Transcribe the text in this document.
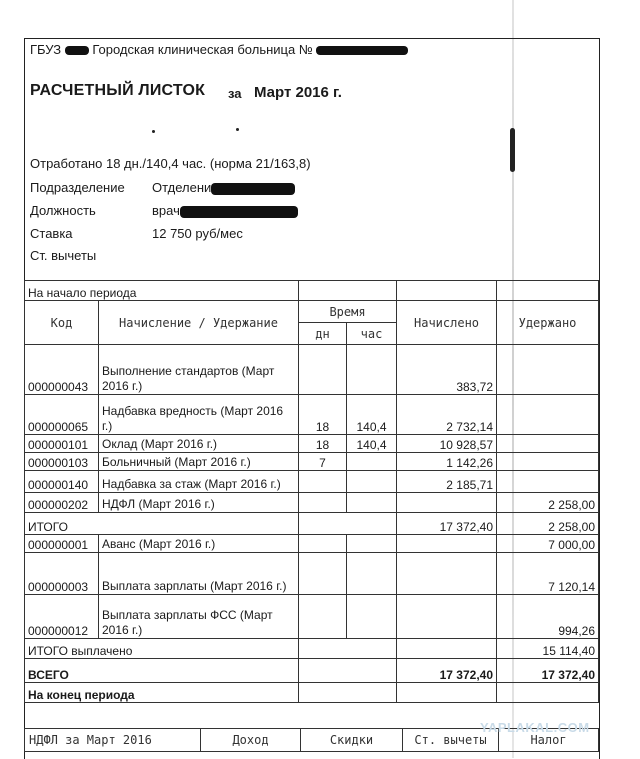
ГБУЗ Городская клиническая больница №
РАСЧЕТНЫЙ ЛИСТОК за Март 2016 г.
Отработано 18 дн./140,4 час. (норма 21/163,8)
Подразделение Отделени
Должность	врач
Ставка	12 750 руб/мес
Ст. вычеты
На начало периода					
Код	Начисление / Удержание	Время		Начислено	Удержано
		дн	час		
000000043	Выполнение стандартов (Март 2016 г.)			383,72	
000000065	Надбавка вредность (Март 2016 г.)	18	140,4	2 732,14	
000000101	Оклад (Март 2016 г.)	18	140,4	10 928,57	
000000103	Больничный (Март 2016 г.)	7		1 142,26	
000000140	Надбавка за стаж (Март 2016 г.)			2 185,71	
000000202	НДФЛ (Март 2016 г.)				2 258,00
ИТОГО				17 372,40	2 258,00
000000001	Аванс (Март 2016 г.)				7 000,00
000000003	Выплата зарплаты (Март 2016 г.)				7 120,14
000000012	Выплата зарплаты ФСС (Март 2016 г.)				994,26
ИТОГО выплачено					15 114,40
ВСЕГО				17 372,40	17 372,40
На конец периода					
НДФЛ за Март 2016	Доход	Скидки	Ст. вычеты	Налог
YAPLAKAL.COM
